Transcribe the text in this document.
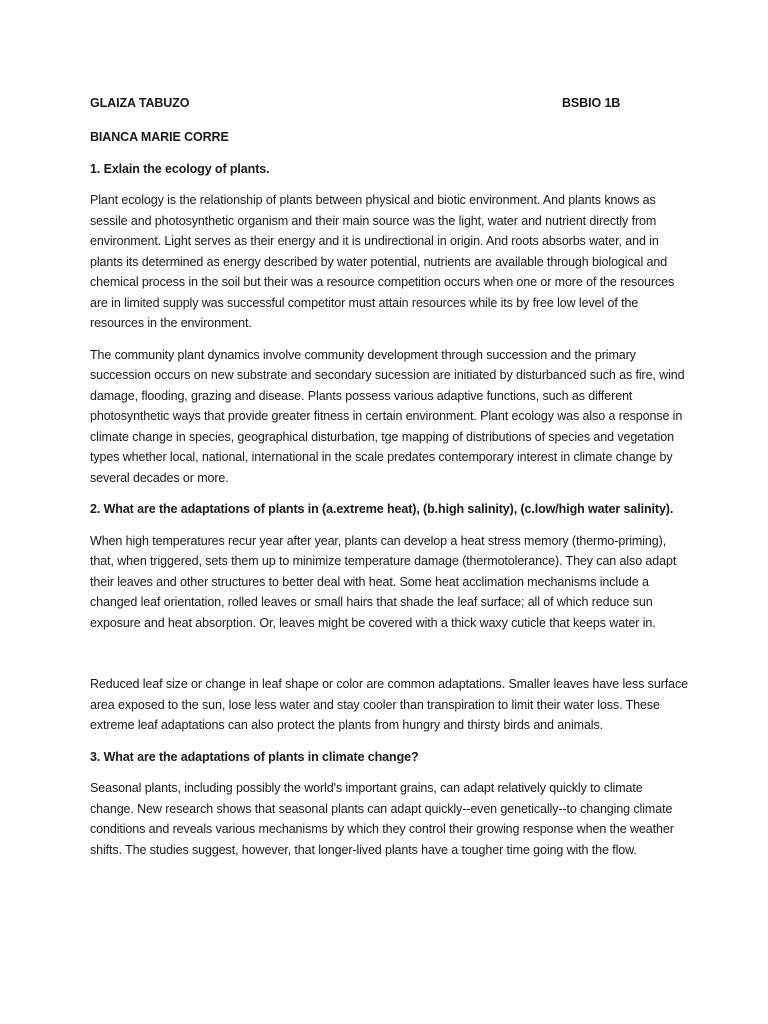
GLAIZA TABUZO	BSBIO 1B
BIANCA MARIE CORRE
1. Exlain the ecology of plants.

Plant ecology is the relationship of plants between physical and biotic environment. And plants knows as sessile and photosynthetic organism and their main source was the light, water and nutrient directly from environment. Light serves as their energy and it is undirectional in origin. And roots absorbs water, and in plants its determined as energy described by water potential, nutrients are available through biological and chemical process in the soil but their was a resource competition occurs when one or more of the resources are in limited supply was successful competitor must attain resources while its by free low level of the resources in the environment.

The community plant dynamics involve community development through succession and the primary succession occurs on new substrate and secondary sucession are initiated by disturbanced such as fire, wind damage, flooding, grazing and disease. Plants possess various adaptive functions, such as different photosynthetic ways that provide greater fitness in certain environment. Plant ecology was also a response in climate change in species, geographical disturbation, tge mapping of distributions of species and vegetation types whether local, national, international in the scale predates contemporary interest in climate change by several decades or more.

2. What are the adaptations of plants in (a.extreme heat), (b.high salinity), (c.low/high water salinity).

When high temperatures recur year after year, plants can develop a heat stress memory (thermo-priming), that, when triggered, sets them up to minimize temperature damage (thermotolerance). They can also adapt their leaves and other structures to better deal with heat. Some heat acclimation mechanisms include a changed leaf orientation, rolled leaves or small hairs that shade the leaf surface; all of which reduce sun exposure and heat absorption. Or, leaves might be covered with a thick waxy cuticle that keeps water in.

Reduced leaf size or change in leaf shape or color are common adaptations. Smaller leaves have less surface area exposed to the sun, lose less water and stay cooler than transpiration to limit their water loss. These extreme leaf adaptations can also protect the plants from hungry and thirsty birds and animals.

3. What are the adaptations of plants in climate change?

Seasonal plants, including possibly the world's important grains, can adapt relatively quickly to climate change. New research shows that seasonal plants can adapt quickly--even genetically--to changing climate conditions and reveals various mechanisms by which they control their growing response when the weather shifts. The studies suggest, however, that longer-lived plants have a tougher time going with the flow.
